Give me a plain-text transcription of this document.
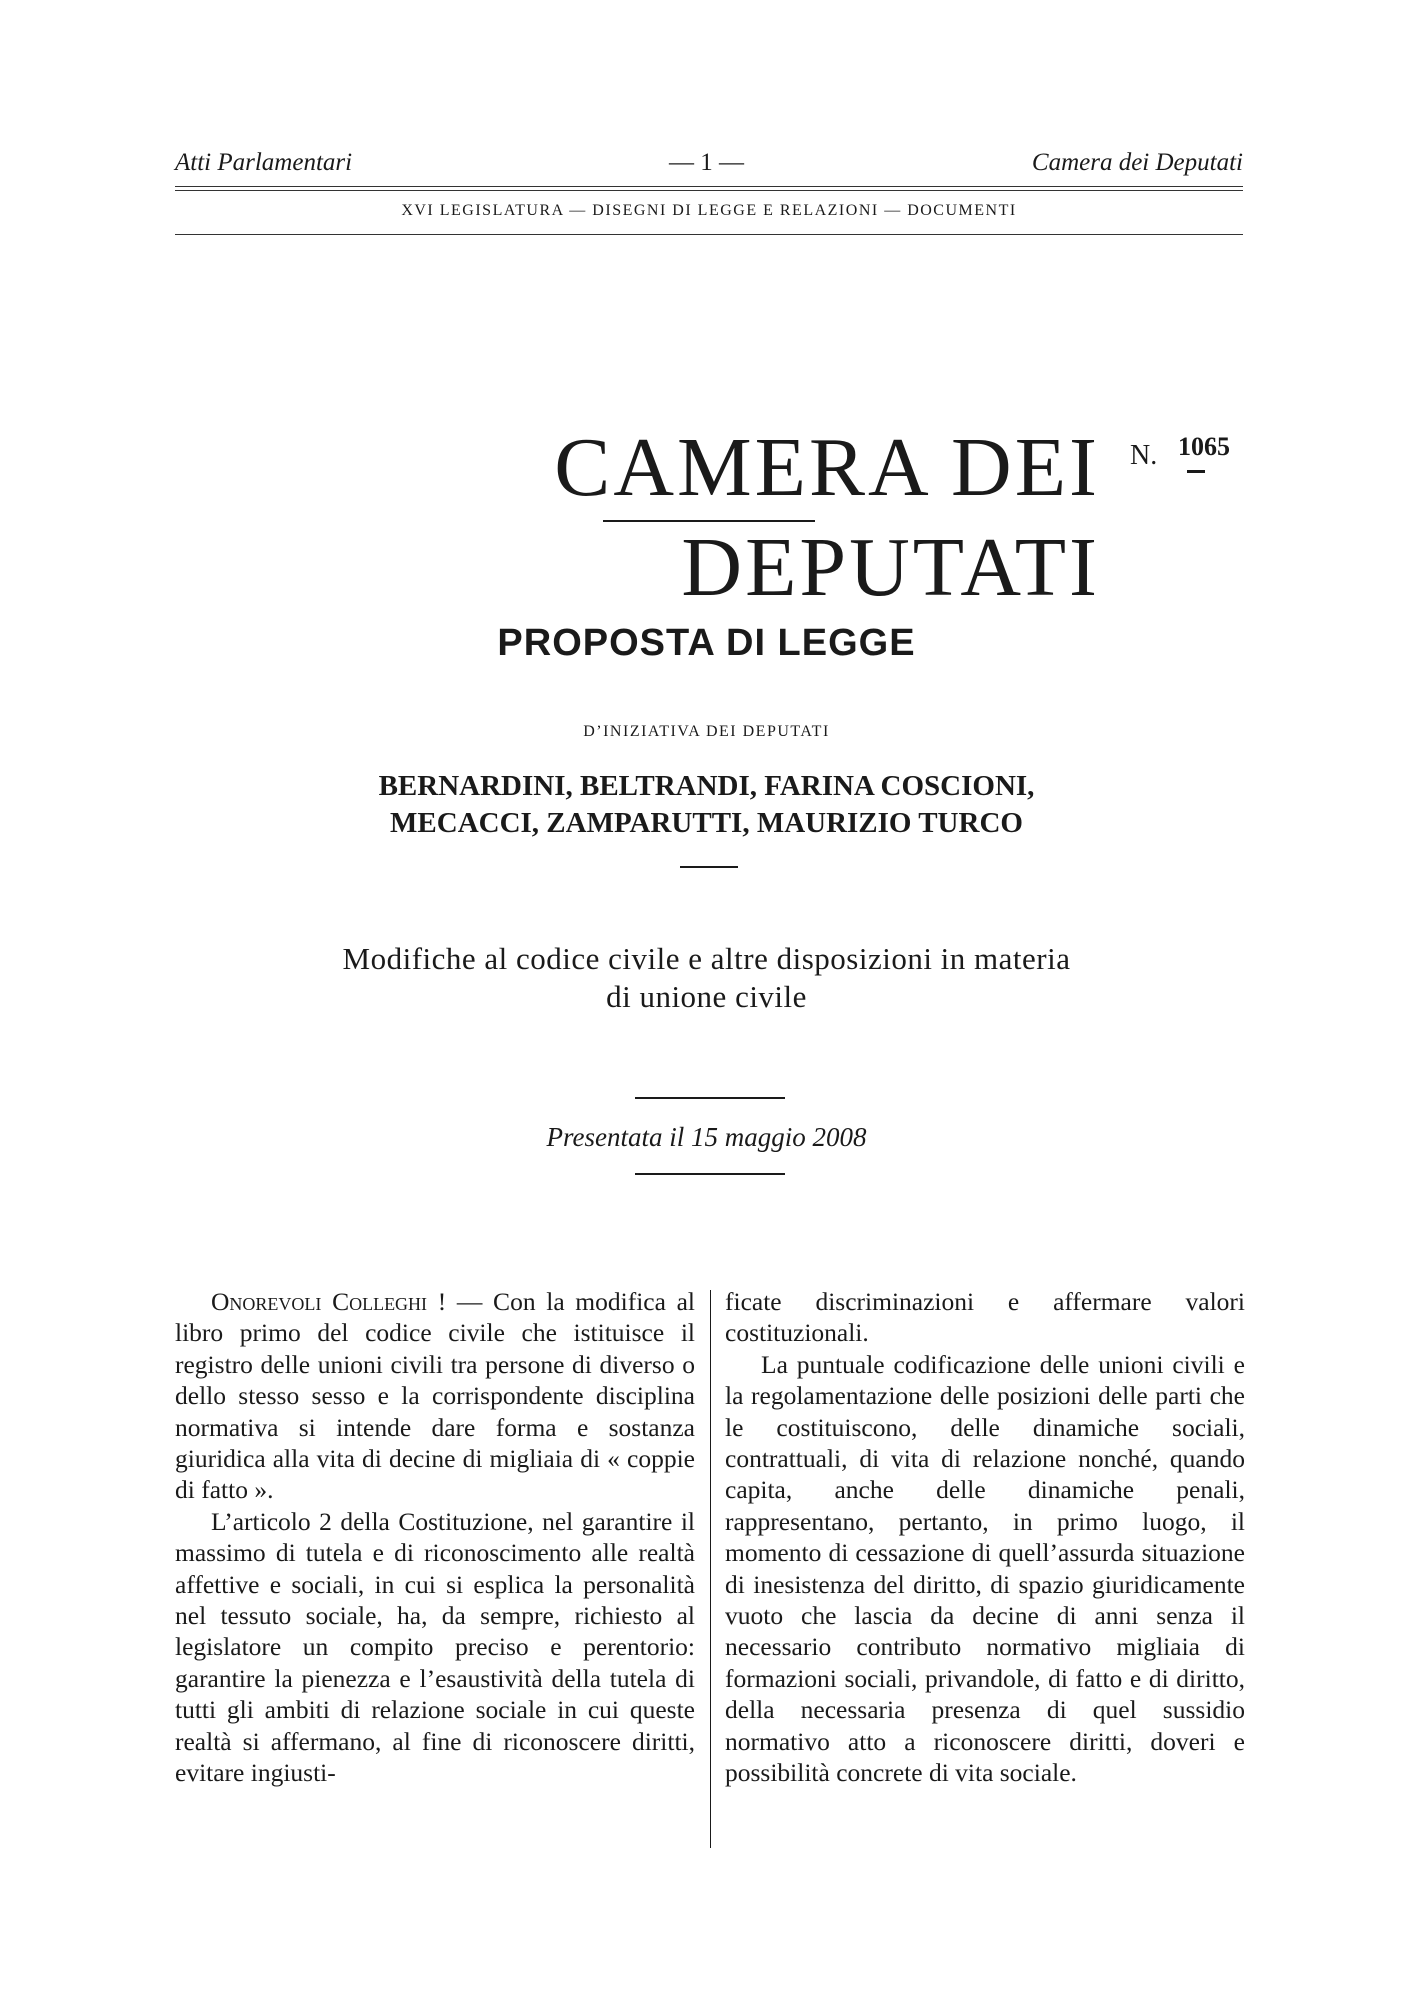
Atti Parlamentari	— 1 —	Camera dei Deputati
XVI LEGISLATURA — DISEGNI DI LEGGE E RELAZIONI — DOCUMENTI
CAMERA DEI DEPUTATI
N. 1065
PROPOSTA DI LEGGE
D’INIZIATIVA DEI DEPUTATI
BERNARDINI, BELTRANDI, FARINA COSCIONI,
MECACCI, ZAMPARUTTI, MAURIZIO TURCO
Modifiche al codice civile e altre disposizioni in materia
di unione civile
Presentata il 15 maggio 2008

Onorevoli Colleghi ! — Con la modifica al libro primo del codice civile che istituisce il registro delle unioni civili tra persone di diverso o dello stesso sesso e la corrispondente disciplina normativa si intende dare forma e sostanza giuridica alla vita di decine di migliaia di « coppie di fatto ».

L’articolo 2 della Costituzione, nel garantire il massimo di tutela e di riconoscimento alle realtà affettive e sociali, in cui si esplica la personalità nel tessuto sociale, ha, da sempre, richiesto al legislatore un compito preciso e perentorio: garantire la pienezza e l’esaustività della tutela di tutti gli ambiti di relazione sociale in cui queste realtà si affermano, al fine di riconoscere diritti, evitare ingiusti-

ficate discriminazioni e affermare valori costituzionali.

La puntuale codificazione delle unioni civili e la regolamentazione delle posizioni delle parti che le costituiscono, delle dinamiche sociali, contrattuali, di vita di relazione nonché, quando capita, anche delle dinamiche penali, rappresentano, pertanto, in primo luogo, il momento di cessazione di quell’assurda situazione di inesistenza del diritto, di spazio giuridicamente vuoto che lascia da decine di anni senza il necessario contributo normativo migliaia di formazioni sociali, privandole, di fatto e di diritto, della necessaria presenza di quel sussidio normativo atto a riconoscere diritti, doveri e possibilità concrete di vita sociale.
